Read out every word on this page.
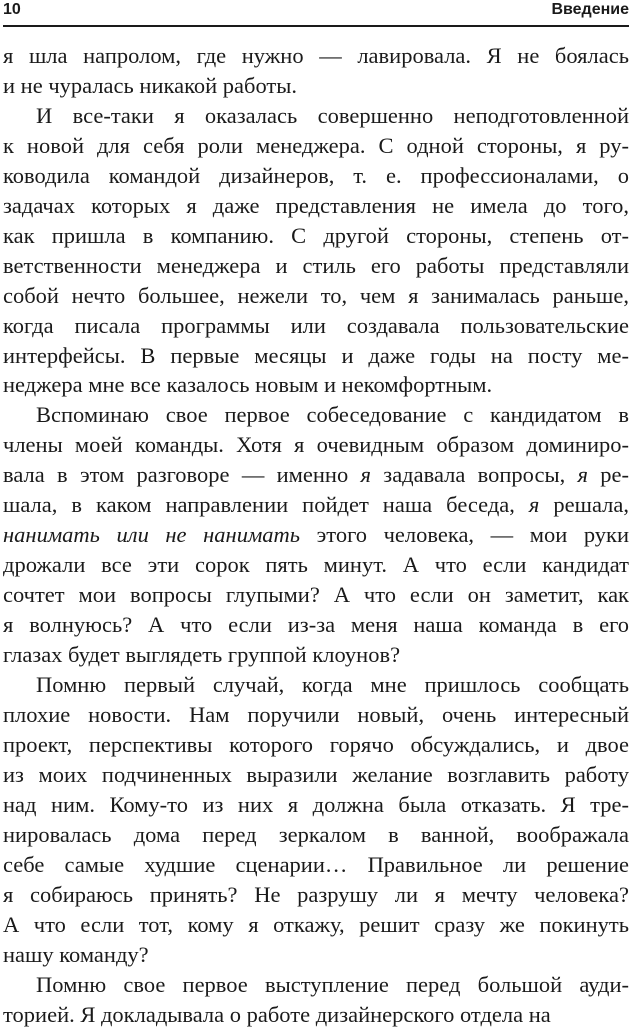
10	Введение
я шла напролом, где нужно — лавировала. Я не боялась
и не чуралась никакой работы.
И все-таки я оказалась совершенно неподготовленной
к новой для себя роли менеджера. С одной стороны, я ру-
ководила командой дизайнеров, т. е. профессионалами, о
задачах которых я даже представления не имела до того,
как пришла в компанию. С другой стороны, степень от-
ветственности менеджера и стиль его работы представляли
собой нечто большее, нежели то, чем я занималась раньше,
когда писала программы или создавала пользовательские
интерфейсы. В первые месяцы и даже годы на посту ме-
неджера мне все казалось новым и некомфортным.
Вспоминаю свое первое собеседование с кандидатом в
члены моей команды. Хотя я очевидным образом доминиро-
вала в этом разговоре — именно я задавала вопросы, я ре-
шала, в каком направлении пойдет наша беседа, я решала,
нанимать или не нанимать этого человека, — мои руки
дрожали все эти сорок пять минут. А что если кандидат
сочтет мои вопросы глупыми? А что если он заметит, как
я волнуюсь? А что если из-за меня наша команда в его
глазах будет выглядеть группой клоунов?
Помню первый случай, когда мне пришлось сообщать
плохие новости. Нам поручили новый, очень интересный
проект, перспективы которого горячо обсуждались, и двое
из моих подчиненных выразили желание возглавить работу
над ним. Кому-то из них я должна была отказать. Я тре-
нировалась дома перед зеркалом в ванной, воображала
себе самые худшие сценарии… Правильное ли решение
я собираюсь принять? Не разрушу ли я мечту человека?
А что если тот, кому я откажу, решит сразу же покинуть
нашу команду?
Помню свое первое выступление перед большой ауди-
торией. Я докладывала о работе дизайнерского отдела на
